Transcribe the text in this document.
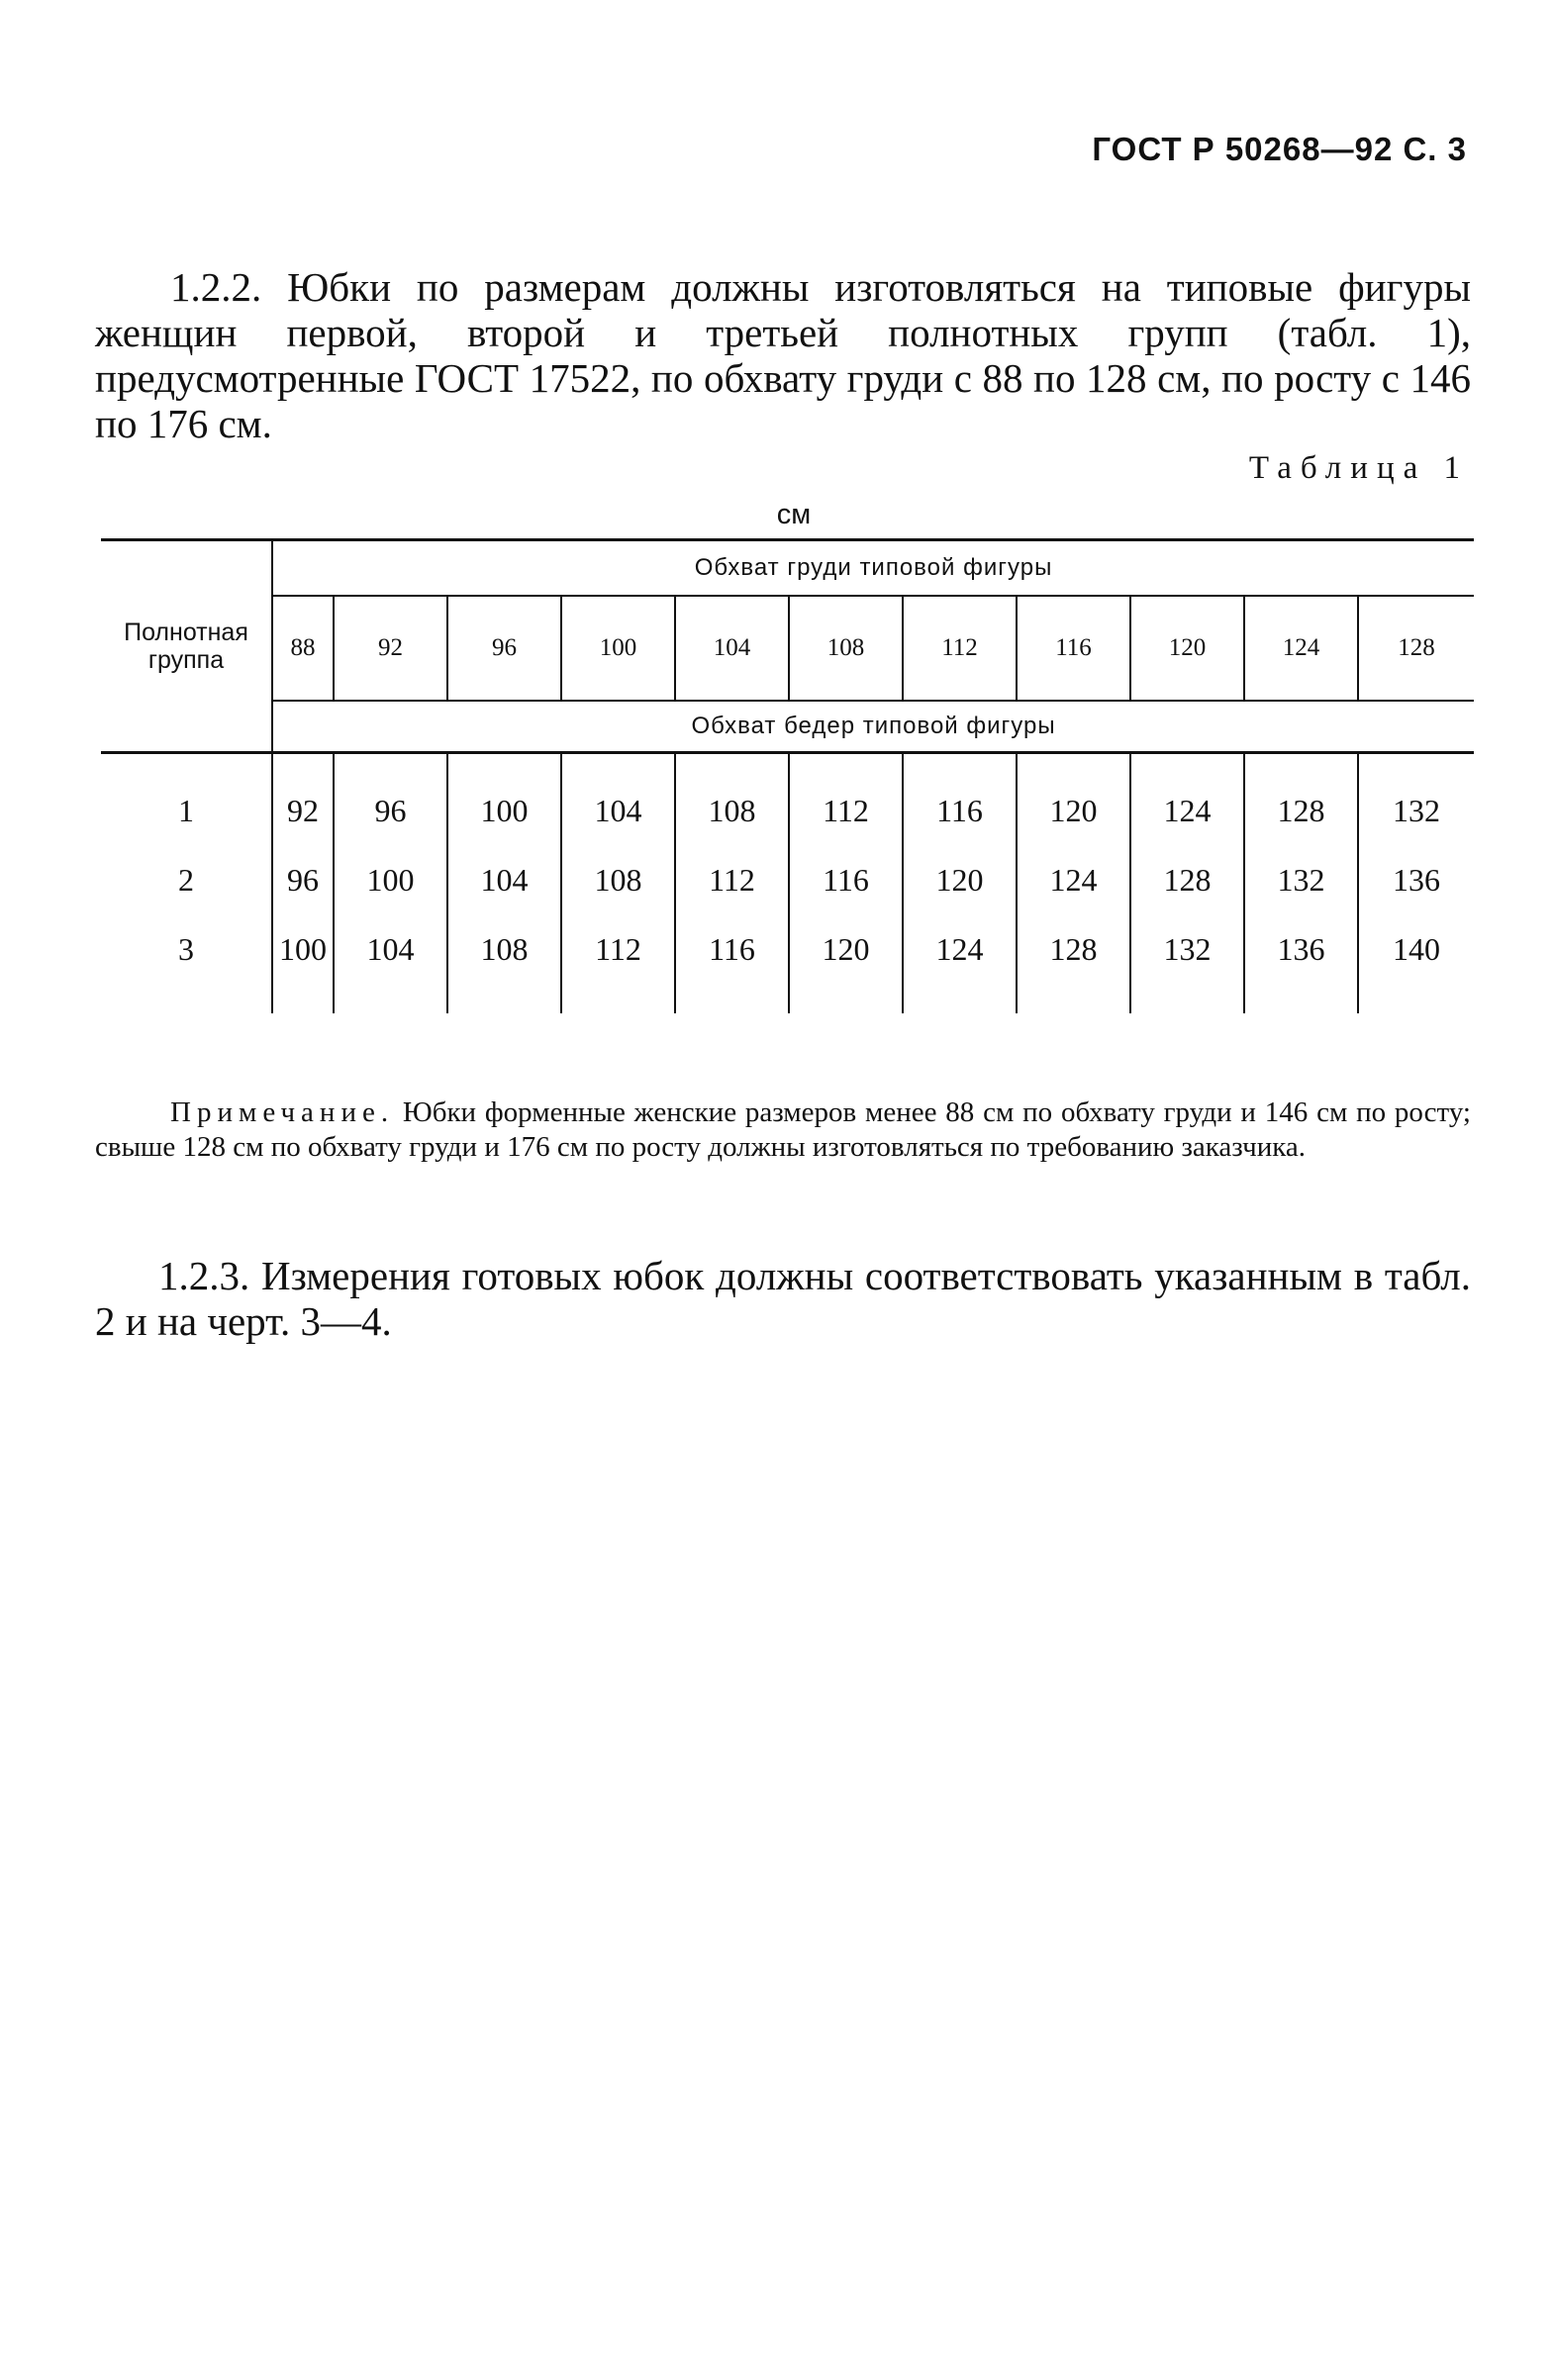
ГОСТ Р 50268—92 С. 3

1.2.2. Юбки по размерам должны изготовляться на типовые фигуры женщин первой, второй и третьей полнотных групп (табл. 1), предусмотренные ГОСТ 17522, по обхвату груди с 88 по 128 см, по росту с 146 по 176 см.

Таблица 1
см
Полнотная группа	Обхват груди типовой фигуры										
	88	92	96	100	104	108	112	116	120	124	128
	Обхват бедер типовой фигуры										
1	92	96	100	104	108	112	116	120	124	128	132
2	96	100	104	108	112	116	120	124	128	132	136
3	100	104	108	112	116	120	124	128	132	136	140

Примечание. Юбки форменные женские размеров менее 88 см по обхвату груди и 146 см по росту; свыше 128 см по обхвату груди и 176 см по росту должны изготовляться по требованию заказчика.

1.2.3. Измерения готовых юбок должны соответствовать указанным в табл. 2 и на черт. 3—4.
